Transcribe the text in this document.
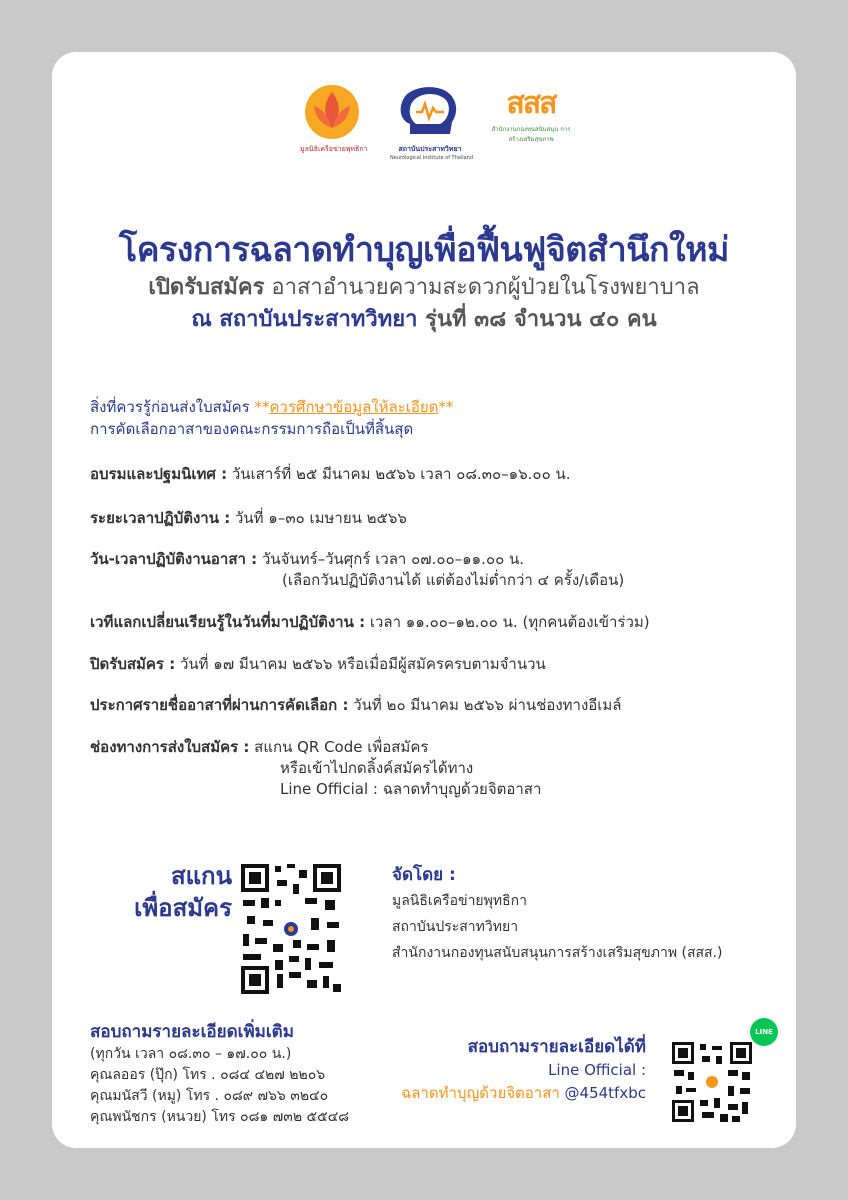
มูลนิธิเครือข่ายพุทธิกา	สถาบันประสาทวิทยา
Neurological Institute of Thailand
สสส
สำนักงานกองทุนสนับสนุน การสร้างเสริมสุขภาพ
โครงการฉลาดทำบุญเพื่อฟื้นฟูจิตสำนึกใหม่
เปิดรับสมัคร อาสาอำนวยความสะดวกผู้ป่วยในโรงพยาบาล
ณ สถาบันประสาทวิทยา รุ่นที่ ๓๘ จำนวน ๔๐ คน
สิ่งที่ควรรู้ก่อนส่งใบสมัคร **ควรศึกษาข้อมูลให้ละเอียด**
การคัดเลือกอาสาของคณะกรรมการถือเป็นที่สิ้นสุด
อบรมและปฐมนิเทศ : วันเสาร์ที่ ๒๕ มีนาคม ๒๕๖๖ เวลา ๐๘.๓๐–๑๖.๐๐ น.
ระยะเวลาปฏิบัติงาน : วันที่ ๑–๓๐ เมษายน ๒๕๖๖
วัน-เวลาปฏิบัติงานอาสา : วันจันทร์–วันศุกร์ เวลา ๐๗.๐๐–๑๑.๐๐ น.
(เลือกวันปฏิบัติงานได้ แต่ต้องไม่ต่ำกว่า ๔ ครั้ง/เดือน)
เวทีแลกเปลี่ยนเรียนรู้ในวันที่มาปฏิบัติงาน : เวลา ๑๑.๐๐–๑๒.๐๐ น. (ทุกคนต้องเข้าร่วม)
ปิดรับสมัคร : วันที่ ๑๗ มีนาคม ๒๕๖๖ หรือเมื่อมีผู้สมัครครบตามจำนวน
ประกาศรายชื่ออาสาที่ผ่านการคัดเลือก : วันที่ ๒๐ มีนาคม ๒๕๖๖ ผ่านช่องทางอีเมล์
ช่องทางการส่งใบสมัคร : สแกน QR Code เพื่อสมัคร
หรือเข้าไปกดลิ้งค์สมัครได้ทาง
Line Official : ฉลาดทำบุญด้วยจิตอาสา
สแกน
เพื่อสมัคร
จัดโดย :
มูลนิธิเครือข่ายพุทธิกา
สถาบันประสาทวิทยา
สำนักงานกองทุนสนับสนุนการสร้างเสริมสุขภาพ (สสส.)
สอบถามรายละเอียดเพิ่มเติม
(ทุกวัน เวลา ๐๘.๓๐ – ๑๗.๐๐ น.)
คุณลออร (ปุ๊ก) โทร . ๐๘๔ ๔๒๗ ๒๒๐๖
คุณมนัสวี (หมู) โทร . ๐๘๙ ๗๖๖ ๓๒๔๐
คุณพนัชกร (หนวย) โทร ๐๘๑ ๗๓๒ ๕๕๔๘
สอบถามรายละเอียดได้ที่
Line Official :
ฉลาดทำบุญด้วยจิตอาสา @454tfxbc
LINE
